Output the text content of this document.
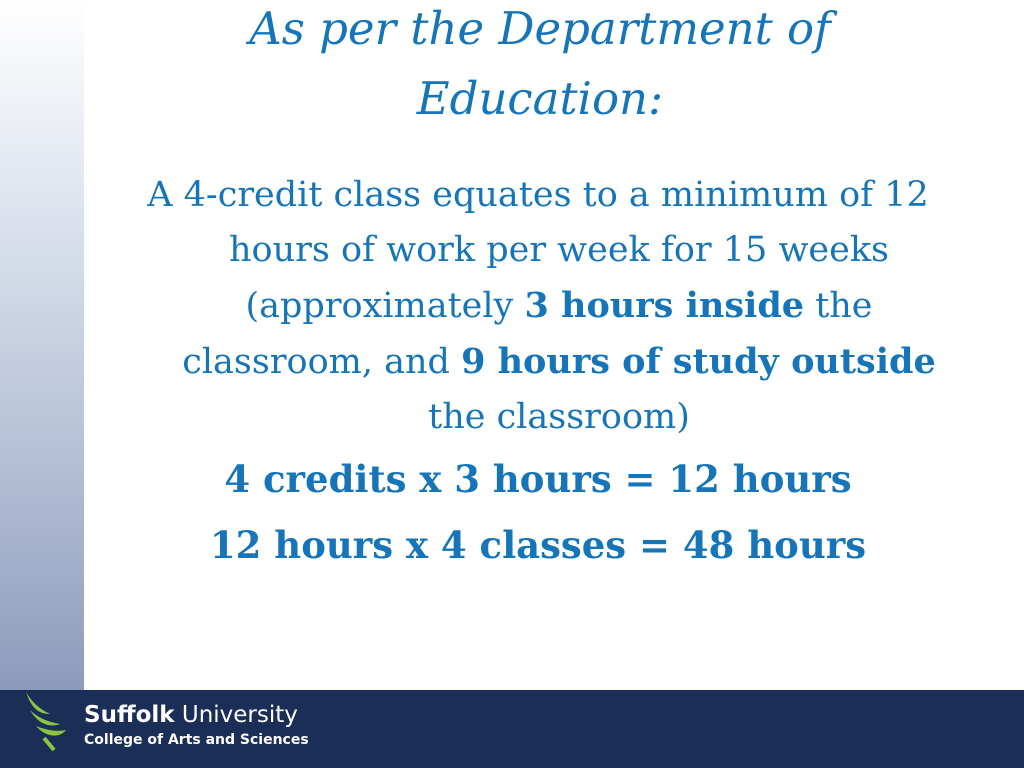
As per the Department of Education:

A 4-credit class equates to a minimum of 12 hours of work per week for 15 weeks (approximately 3 hours inside the classroom, and 9 hours of study outside the classroom)

4 credits x 3 hours = 12 hours

12 hours x 4 classes = 48 hours

Suffolk University
College of Arts and Sciences
